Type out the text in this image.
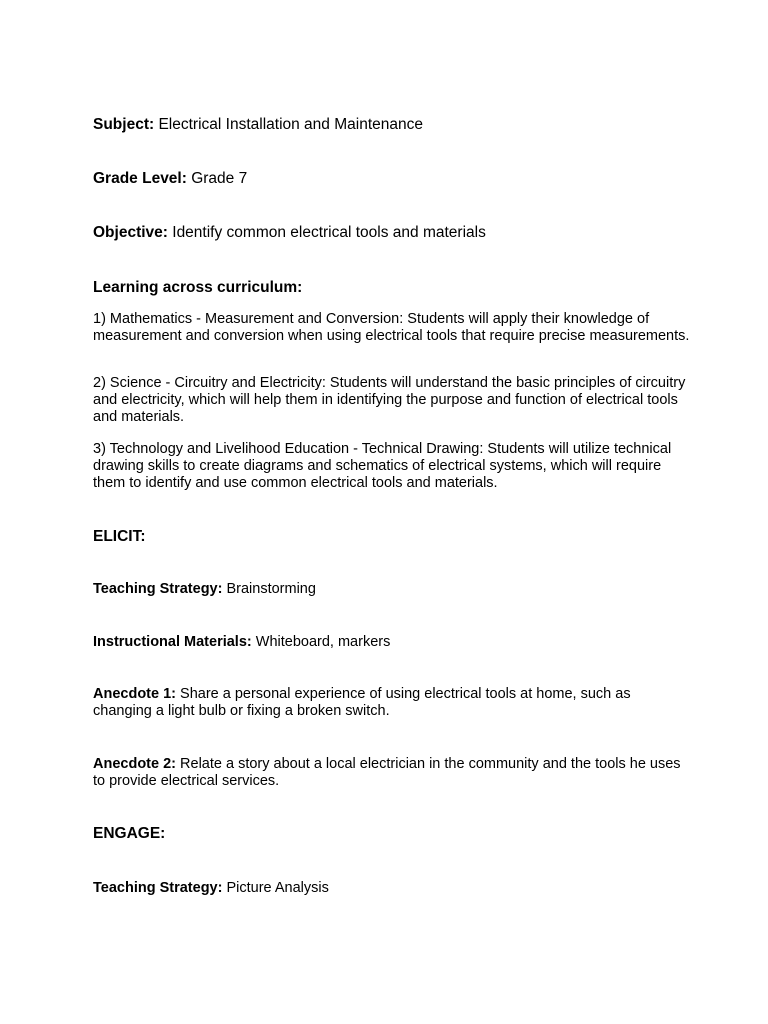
Subject: Electrical Installation and Maintenance
Grade Level: Grade 7
Objective: Identify common electrical tools and materials
Learning across curriculum:
1) Mathematics - Measurement and Conversion: Students will apply their knowledge of measurement and conversion when using electrical tools that require precise measurements.
2) Science - Circuitry and Electricity: Students will understand the basic principles of circuitry and electricity, which will help them in identifying the purpose and function of electrical tools and materials.
3) Technology and Livelihood Education - Technical Drawing: Students will utilize technical drawing skills to create diagrams and schematics of electrical systems, which will require them to identify and use common electrical tools and materials.
ELICIT:
Teaching Strategy: Brainstorming
Instructional Materials: Whiteboard, markers
Anecdote 1: Share a personal experience of using electrical tools at home, such as changing a light bulb or fixing a broken switch.
Anecdote 2: Relate a story about a local electrician in the community and the tools he uses to provide electrical services.
ENGAGE:
Teaching Strategy: Picture Analysis
